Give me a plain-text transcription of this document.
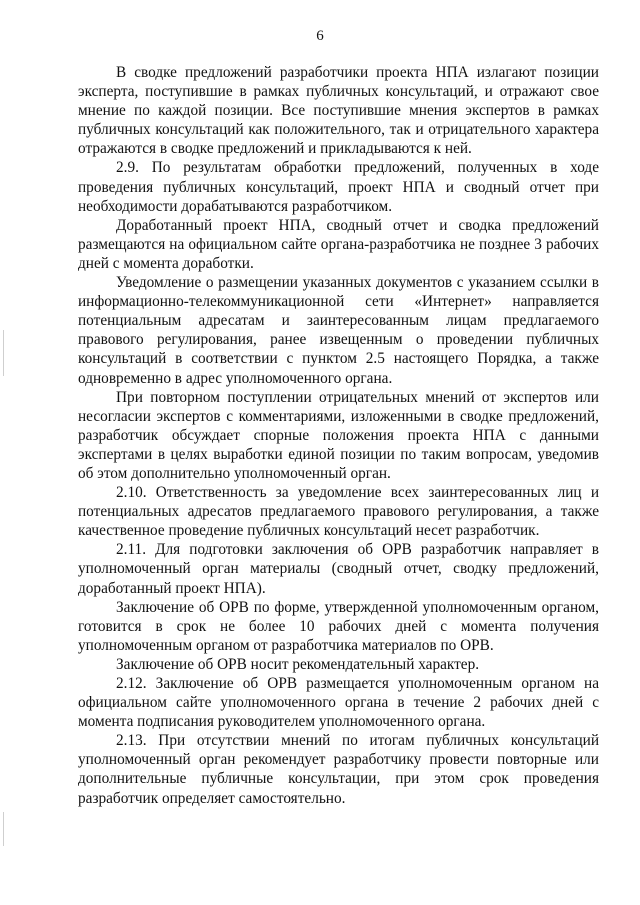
6

В сводке предложений разработчики проекта НПА излагают позиции эксперта, поступившие в рамках публичных консультаций, и отражают свое мнение по каждой позиции. Все поступившие мнения экспертов в рамках публичных консультаций как положительного, так и отрицательного характера отражаются в сводке предложений и прикладываются к ней.

2.9. По результатам обработки предложений, полученных в ходе проведения публичных консультаций, проект НПА и сводный отчет при необходимости дорабатываются разработчиком.

Доработанный проект НПА, сводный отчет и сводка предложений размещаются на официальном сайте органа-разработчика не позднее 3 рабочих дней с момента доработки.

Уведомление о размещении указанных документов с указанием ссылки в информационно-телекоммуникационной сети «Интернет» направляется потенциальным адресатам и заинтересованным лицам предлагаемого правового регулирования, ранее извещенным о проведении публичных консультаций в соответствии с пунктом 2.5 настоящего Порядка, а также одновременно в адрес уполномоченного органа.

При повторном поступлении отрицательных мнений от экспертов или несогласии экспертов с комментариями, изложенными в сводке предложений, разработчик обсуждает спорные положения проекта НПА с данными экспертами в целях выработки единой позиции по таким вопросам, уведомив об этом дополнительно уполномоченный орган.

2.10. Ответственность за уведомление всех заинтересованных лиц и потенциальных адресатов предлагаемого правового регулирования, а также качественное проведение публичных консультаций несет разработчик.

2.11. Для подготовки заключения об ОРВ разработчик направляет в уполномоченный орган материалы (сводный отчет, сводку предложений, доработанный проект НПА).

Заключение об ОРВ по форме, утвержденной уполномоченным органом, готовится в срок не более 10 рабочих дней с момента получения уполномоченным органом от разработчика материалов по ОРВ.

Заключение об ОРВ носит рекомендательный характер.

2.12. Заключение об ОРВ размещается уполномоченным органом на официальном сайте уполномоченного органа в течение 2 рабочих дней с момента подписания руководителем уполномоченного органа.

2.13. При отсутствии мнений по итогам публичных консультаций уполномоченный орган рекомендует разработчику провести повторные или дополнительные публичные консультации, при этом срок проведения разработчик определяет самостоятельно.
